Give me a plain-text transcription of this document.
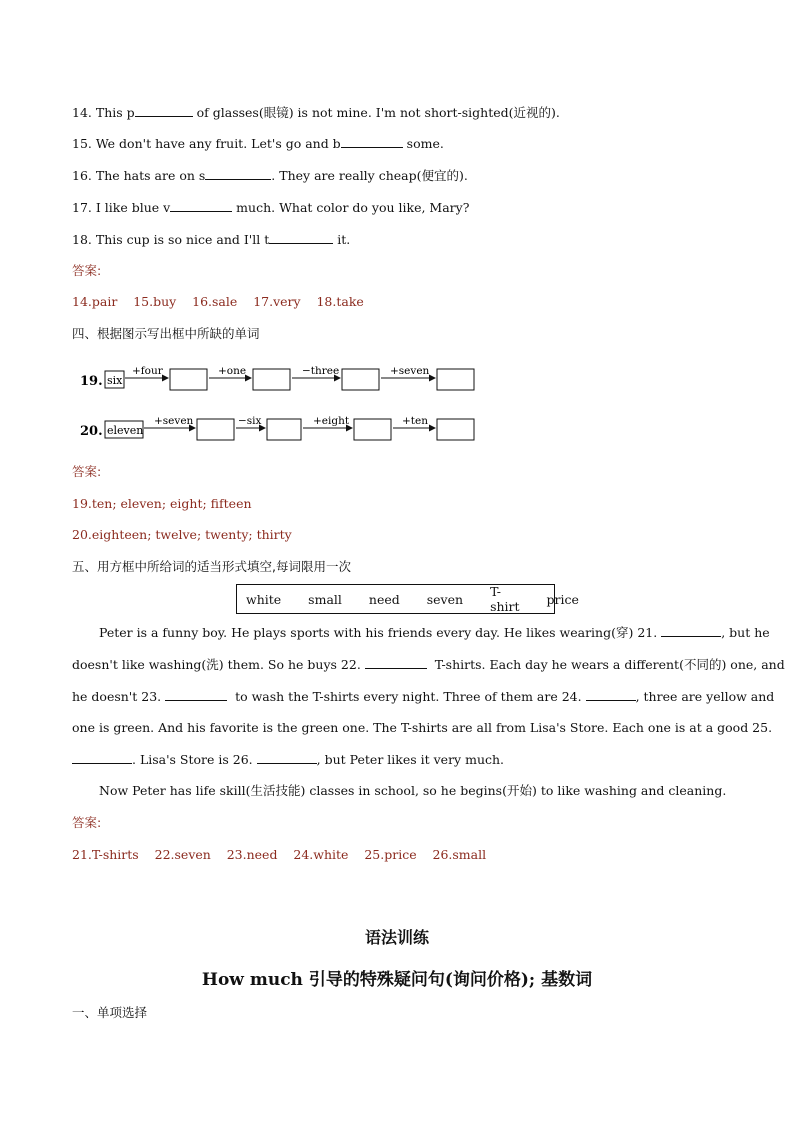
14. This p	of glasses(眼镜) is not mine. I'm not short-sighted(近视的).
15. We don't have any fruit. Let's go and b	some.
16. The hats are on s	. They are really cheap(便宜的).
17. I like blue v	much. What color do you like, Mary?
18. This cup is so nice and I'll t	it.
答案:
14.pair 15.buy 16.sale 17.very 18.take
四、根据图示写出框中所缺的单词
19. six
+four	+one	−three	+seven
20. eleven
+seven	−six	+eight	+ten
答案:
19.ten; eleven; eight; fifteen
20.eighteen; twelve; twenty; thirty
五、用方框中所给词的适当形式填空,每词限用一次
white small need seven T-shirt price
Peter is a funny boy. He plays sports with his friends every day. He likes wearing(穿) 21.	, but he
doesn't like washing(洗) them. So he buys 22.	T-shirts. Each day he wears a different(不同的) one, and
he doesn't 23.	to wash the T-shirts every night. Three of them are 24.	, three are yellow and
one is green. And his favorite is the green one. The T-shirts are all from Lisa's Store. Each one is at a good 25.
. Lisa's Store is 26.	, but Peter likes it very much.
Now Peter has life skill(生活技能) classes in school, so he begins(开始) to like washing and cleaning.
答案:
21.T-shirts 22.seven 23.need 24.white 25.price 26.small
语法训练
How much 引导的特殊疑问句(询问价格); 基数词
一、单项选择
